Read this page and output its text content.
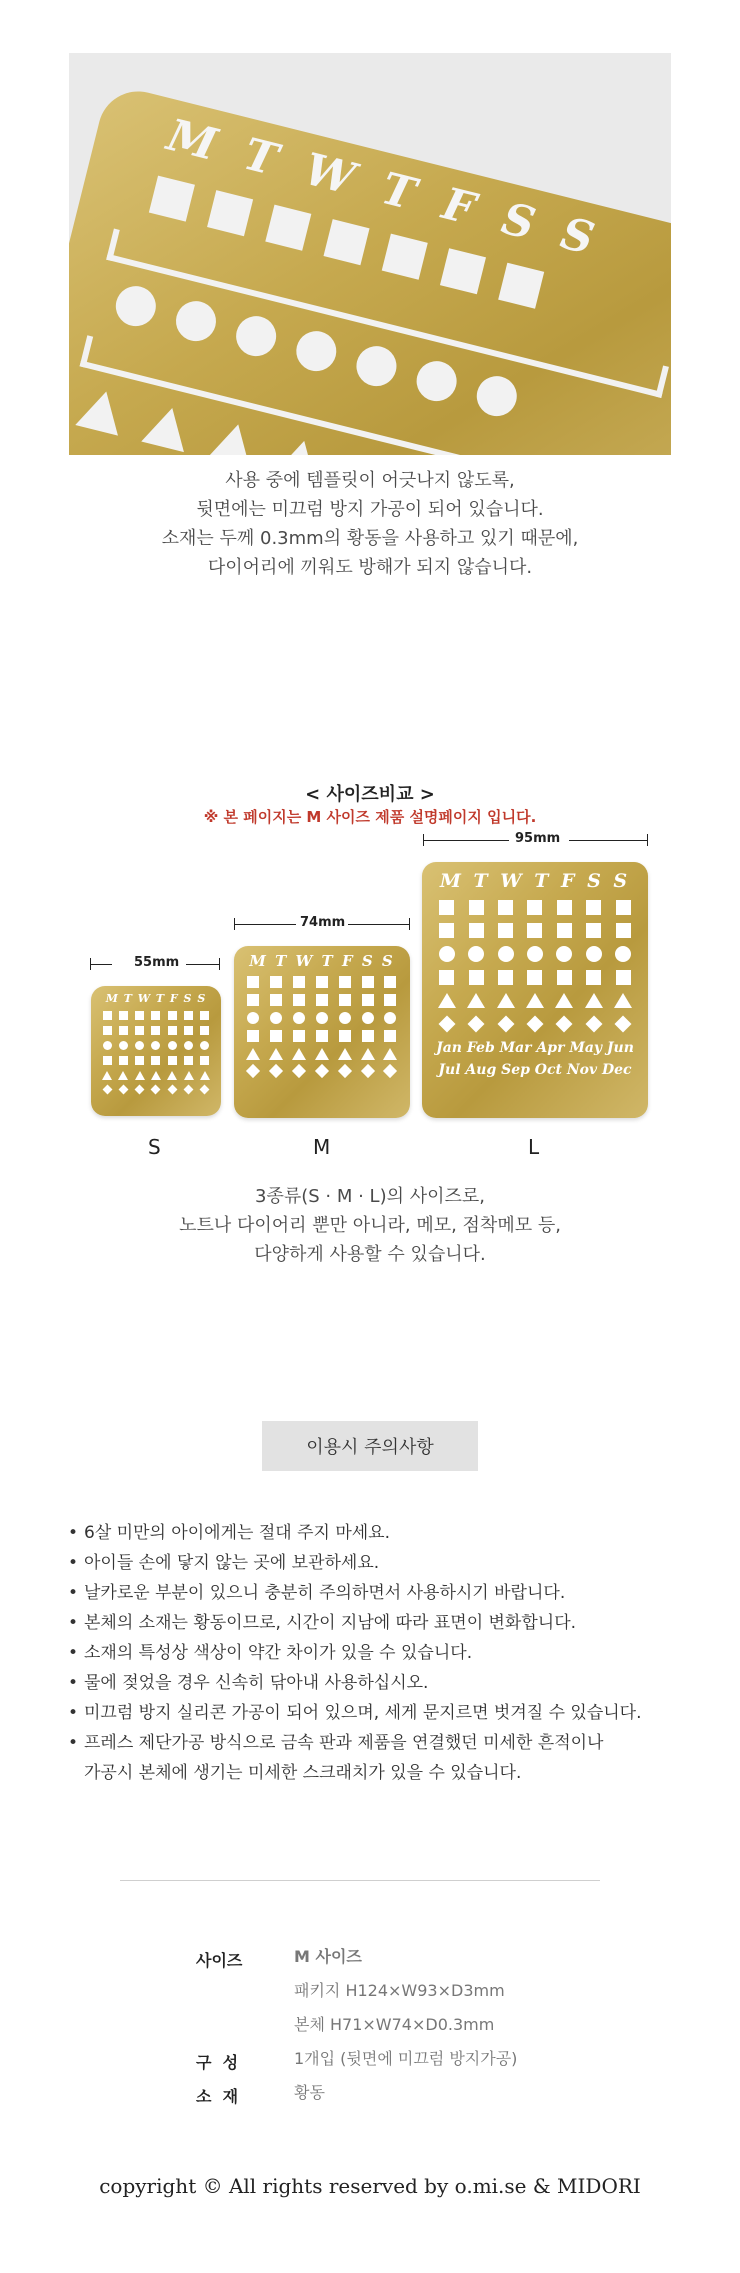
MTWTFSS
사용 중에 템플릿이 어긋나지 않도록,
뒷면에는 미끄럼 방지 가공이 되어 있습니다.
소재는 두께 0.3mm의 황동을 사용하고 있기 때문에,
다이어리에 끼워도 방해가 되지 않습니다.
< 사이즈비교 >
※ 본 페이지는 M 사이즈 제품 설명페이지 입니다.
55mm
74mm
95mm
M T W T F S S
M T W T F S S
M T W T F S S
Jan Feb Mar Apr May Jun
Jul Aug Sep Oct Nov Dec
S	M	L
3종류(S · M · L)의 사이즈로,
노트나 다이어리 뿐만 아니라, 메모, 점착메모 등,
다양하게 사용할 수 있습니다.
이용시 주의사항
• 6살 미만의 아이에게는 절대 주지 마세요.
• 아이들 손에 닿지 않는 곳에 보관하세요.
• 날카로운 부분이 있으니 충분히 주의하면서 사용하시기 바랍니다.
• 본체의 소재는 황동이므로, 시간이 지남에 따라 표면이 변화합니다.
• 소재의 특성상 색상이 약간 차이가 있을 수 있습니다.
• 물에 젖었을 경우 신속히 닦아내 사용하십시오.
• 미끄럼 방지 실리콘 가공이 되어 있으며, 세게 문지르면 벗겨질 수 있습니다.
• 프레스 제단가공 방식으로 금속 판과 제품을 연결했던 미세한 흔적이나
가공시 본체에 생기는 미세한 스크래치가 있을 수 있습니다.
사이즈	M 사이즈
패키지 H124×W93×D3mm
본체 H71×W74×D0.3mm
구  성	1개입 (뒷면에 미끄럼 방지가공)
소  재	황동
copyright © All rights reserved by o.mi.se & MIDORI
